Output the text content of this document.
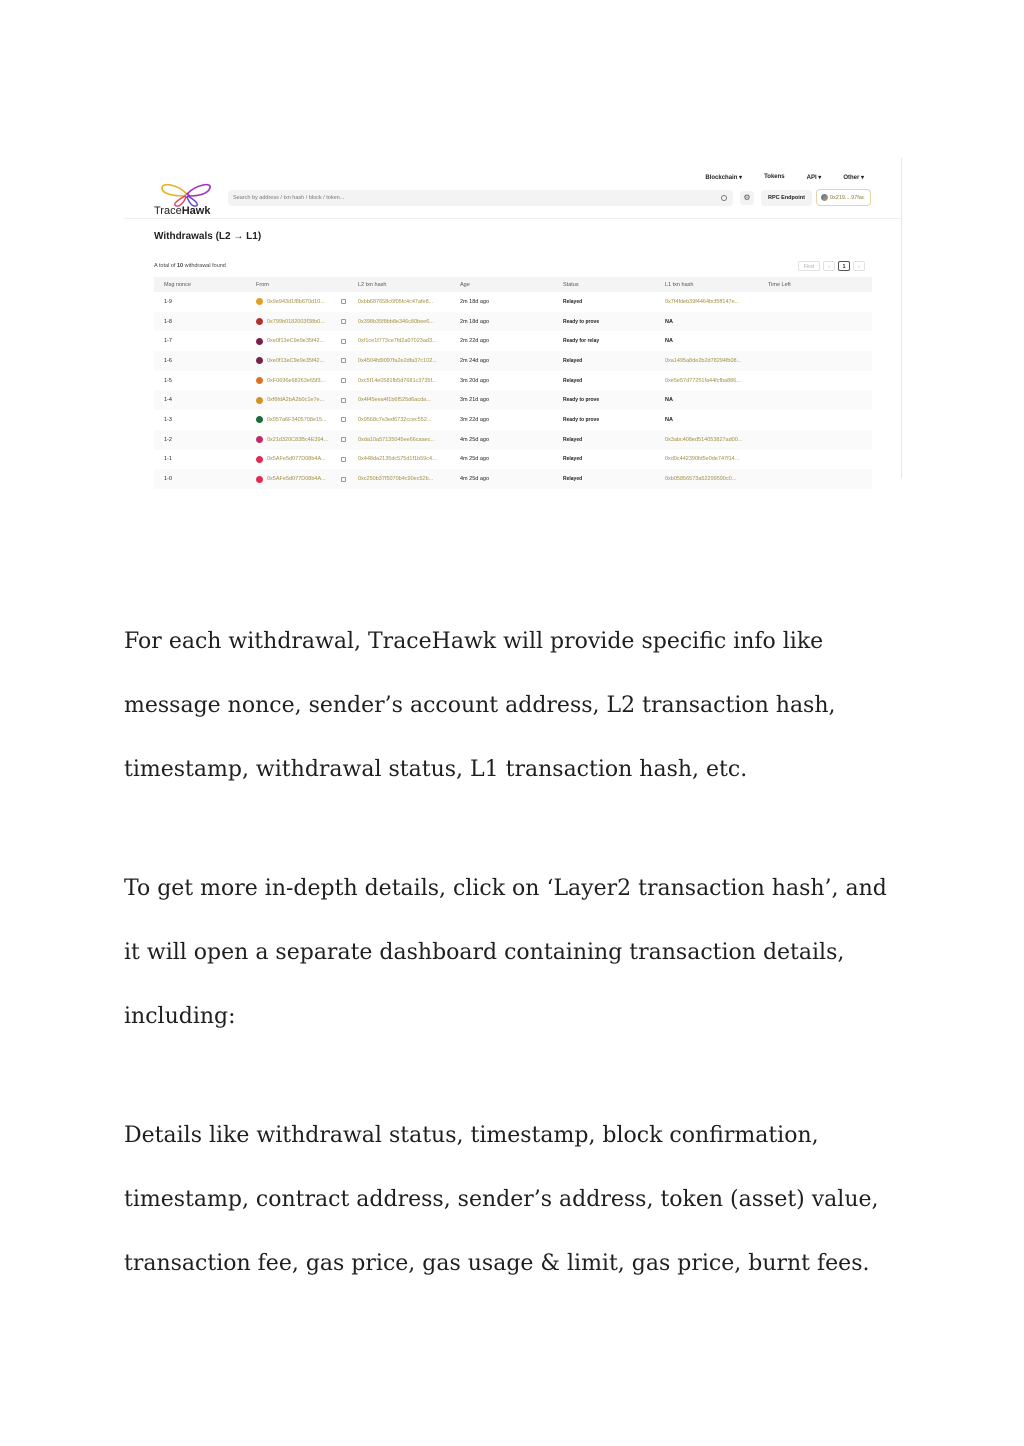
Blockchain ▾	Tokens	API ▾	Other ▾
TraceHawk
Search by address / txn hash / block / token...	⚙	RPC Endpoint	0x219....97fac
Withdrawals (L2 → L1)
A total of 10 withdrawal found	First	‹	1	›
Msg nonce	From	L2 txn hash	Age	Status	L1 txn hash	Time Left
1-9	0x9e943d1f8b670d10...	0xbb687658c6f05fc4c47afe8...	2m 18d ago	Relayed	0x7f4fdeb39f4464bcf5ff147e...
1-8	0x799b0182003f38b0...	0x398b35f8bb8e346c80bee6...	2m 18d ago	Ready to prove	NA
1-7	0xe0f13eC9e9e35f42...	0xf1ce1f773ce7fd2a07023ad3...	2m 22d ago	Ready for relay	NA
1-6	0xe0f13eC9e9e35f42...	0x4504fd9097fa2e2dfa37c102...	2m 24d ago	Relayed	0xa1495a8de2b2d78294fb08...
1-5	0xF0696e68263e65f3...	0xc5f14e0581fb5d7681c3735f...	3m 20d ago	Relayed	0xe5e57d77251fa44fcfba886...
1-4	0xf6fdA2bA2b0c1e7e...	0x4f45eea4f1b6f525d6acda...	3m 21d ago	Ready to prove	NA
1-3	0x957a6F3405708e15...	0x9568c7e3ed6732ccec552...	3m 22d ago	Ready to prove	NA
1-2	0x21d320C83Bc4E394...	0xda10a57135045ee66caaec...	4m 25d ago	Relayed	0x3abc408ed514053827ad00...
1-1	0x5AFe5d077D08b4A...	0x448da2135dc575d1f1b59c4...	4m 25d ago	Relayed	0xd0c442390fd5e0de747f14...
1-0	0x5AFe5d077D08b4A...	0xc250b37f5070b4c90ec52b...	4m 25d ago	Relayed	0xb05856573a52299590c0...

For each withdrawal, TraceHawk will provide specific info like
message nonce, sender’s account address, L2 transaction hash,
timestamp, withdrawal status, L1 transaction hash, etc.

To get more in-depth details, click on ‘Layer2 transaction hash’, and
it will open a separate dashboard containing transaction details,
including:

Details like withdrawal status, timestamp, block confirmation,
timestamp, contract address, sender’s address, token (asset) value,
transaction fee, gas price, gas usage & limit, gas price, burnt fees.
